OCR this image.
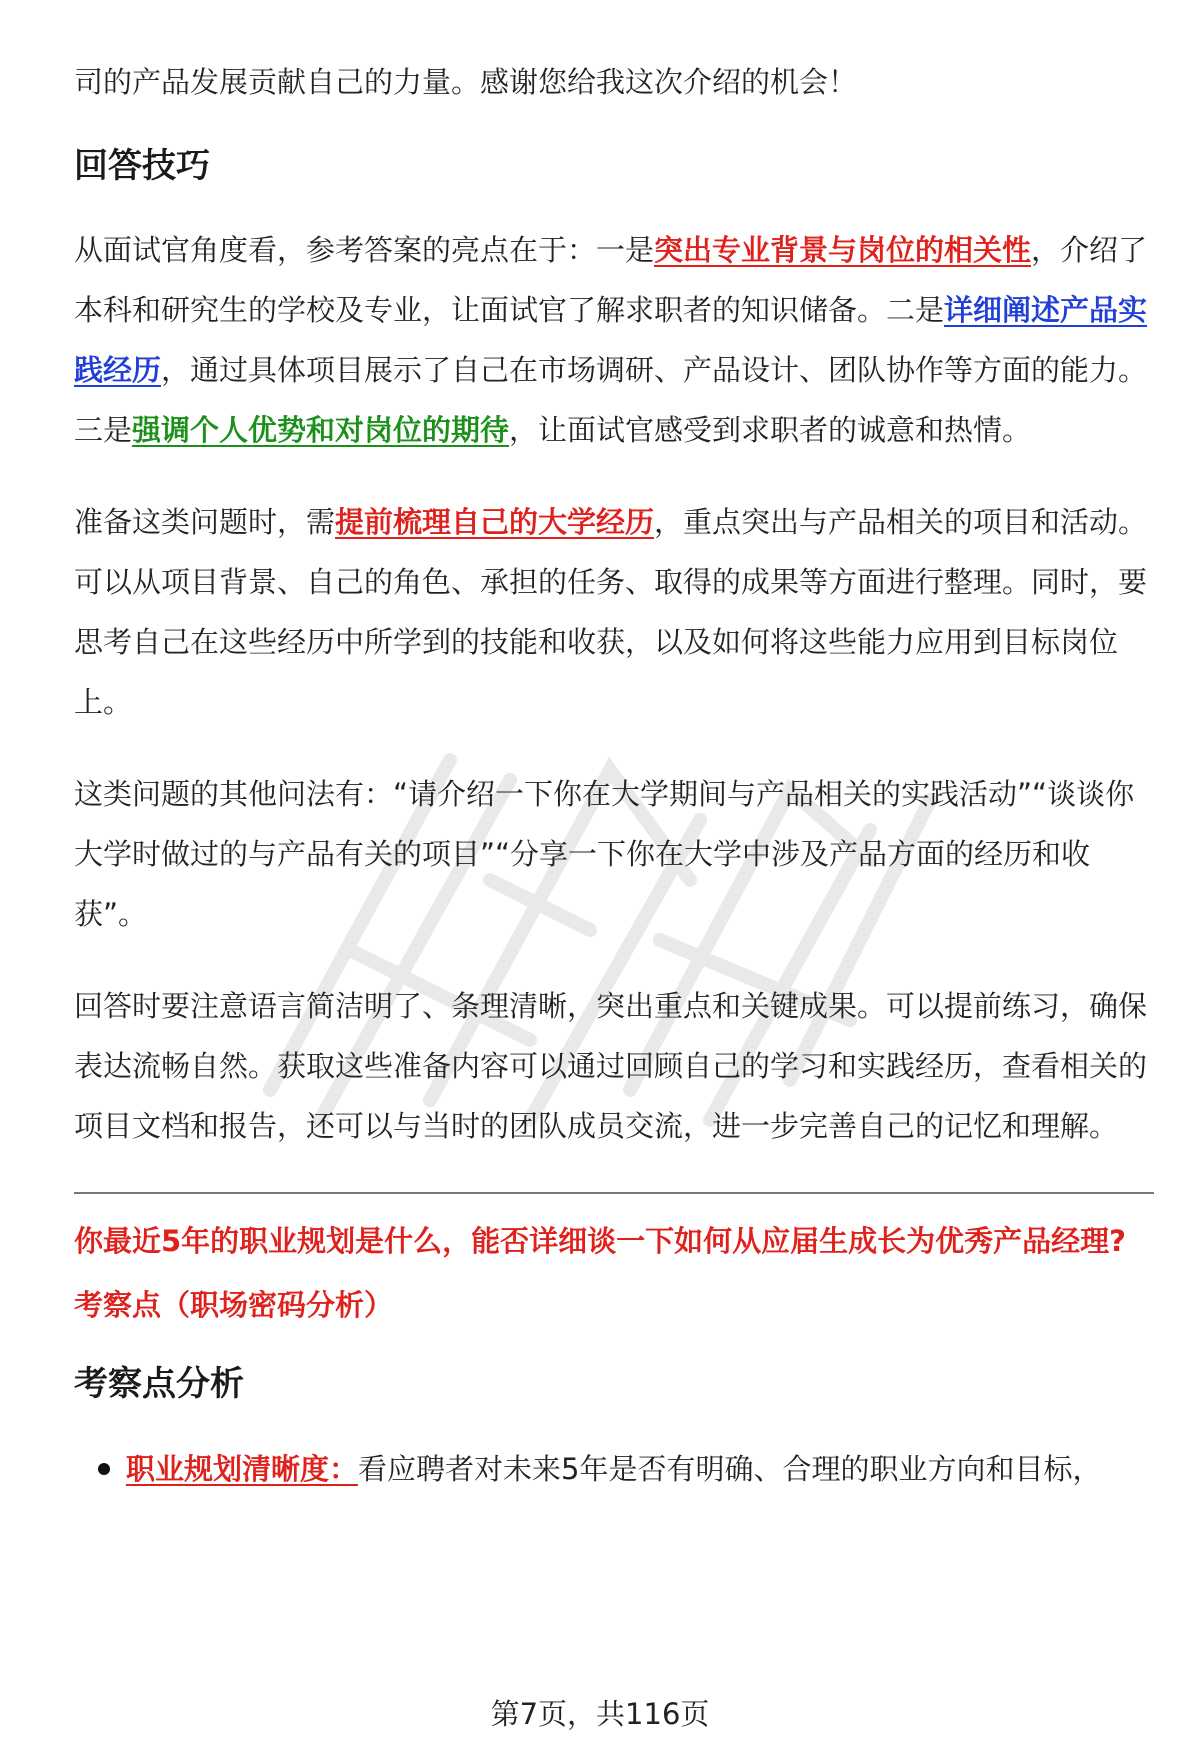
司的产品发展贡献自己的力量。感谢您给我这次介绍的机会！

回答技巧

从面试官角度看，参考答案的亮点在于：一是突出专业背景与岗位的相关性，介绍了本科和研究生的学校及专业，让面试官了解求职者的知识储备。二是详细阐述产品实践经历，通过具体项目展示了自己在市场调研、产品设计、团队协作等方面的能力。三是强调个人优势和对岗位的期待，让面试官感受到求职者的诚意和热情。

准备这类问题时，需提前梳理自己的大学经历，重点突出与产品相关的项目和活动。可以从项目背景、自己的角色、承担的任务、取得的成果等方面进行整理。同时，要思考自己在这些经历中所学到的技能和收获，以及如何将这些能力应用到目标岗位上。

这类问题的其他问法有：“请介绍一下你在大学期间与产品相关的实践活动”“谈谈你大学时做过的与产品有关的项目”“分享一下你在大学中涉及产品方面的经历和收获”。

回答时要注意语言简洁明了、条理清晰，突出重点和关键成果。可以提前练习，确保表达流畅自然。获取这些准备内容可以通过回顾自己的学习和实践经历，查看相关的项目文档和报告，还可以与当时的团队成员交流，进一步完善自己的记忆和理解。

你最近5年的职业规划是什么，能否详细谈一下如何从应届生成长为优秀产品经理?

考察点（职场密码分析）

考察点分析
职业规划清晰度：看应聘者对未来5年是否有明确、合理的职业方向和目标，
第7页，共116页
